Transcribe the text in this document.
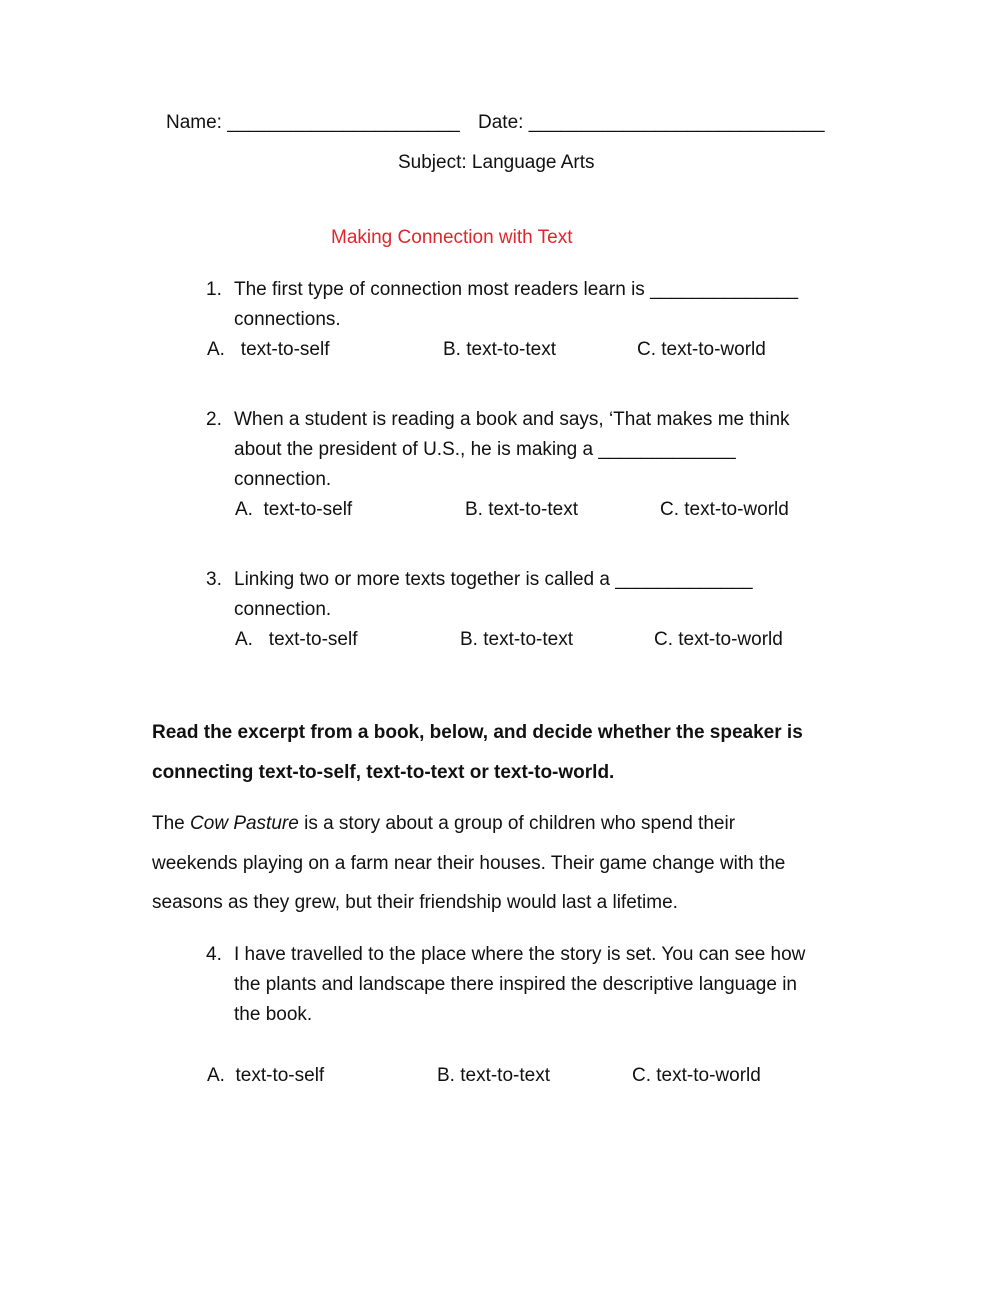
Name: ______________________ Date: ____________________________
Subject: Language Arts
Making Connection with Text
1. The first type of connection most readers learn is ______________
connections.
A.   text-to-self	B. text-to-text	C. text-to-world
2. When a student is reading a book and says, ‘That makes me think
about the president of U.S., he is making a _____________
connection.
A.  text-to-self	B. text-to-text	C. text-to-world
3. Linking two or more texts together is called a _____________
connection.
A.   text-to-self	B. text-to-text	C. text-to-world
Read the excerpt from a book, below, and decide whether the speaker is
connecting text-to-self, text-to-text or text-to-world.
The Cow Pasture is a story about a group of children who spend their
weekends playing on a farm near their houses. Their game change with the
seasons as they grew, but their friendship would last a lifetime.
4. I have travelled to the place where the story is set. You can see how
the plants and landscape there inspired the descriptive language in
the book.
A.  text-to-self	B. text-to-text	C. text-to-world
